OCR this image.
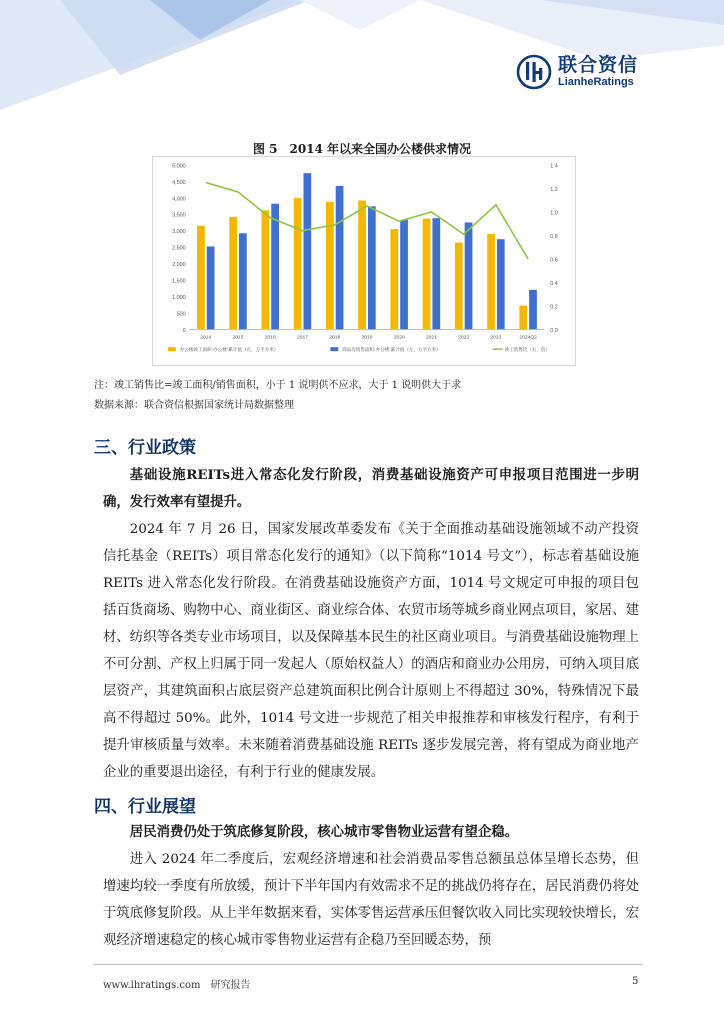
联合资信
LianheRatings
图 5　2014 年以来全国办公楼供求情况
0
500
1,000
1,500
2,000
2,500
3,000
3,500
4,000
4,500
5,000
0.0
0.2
0.4
0.6
0.8
1.0
1.2
1.4
2014	2015	2016	2017	2018	2019	2020	2021	2022	2023	2024Q2
办公楼竣工面积:办公楼:累计值（左，万平方米）	商品房销售面积:办公楼:累计值（左，万平方米）	竣工销售比（右，倍）
注：竣工销售比=竣工面积/销售面积，小于 1 说明供不应求，大于 1 说明供大于求
数据来源：联合资信根据国家统计局数据整理
三、行业政策
基础设施REITs进入常态化发行阶段，消费基础设施资产可申报项目范围进一步明确，发行效率有望提升。
2024 年 7 月 26 日，国家发展改革委发布《关于全面推动基础设施领域不动产投资信托基金（REITs）项目常态化发行的通知》（以下简称“1014 号文”），标志着基础设施 REITs 进入常态化发行阶段。在消费基础设施资产方面，1014 号文规定可申报的项目包括百货商场、购物中心、商业街区、商业综合体、农贸市场等城乡商业网点项目，家居、建材、纺织等各类专业市场项目，以及保障基本民生的社区商业项目。与消费基础设施物理上不可分割、产权上归属于同一发起人（原始权益人）的酒店和商业办公用房，可纳入项目底层资产，其建筑面积占底层资产总建筑面积比例合计原则上不得超过 30%，特殊情况下最高不得超过 50%。此外，1014 号文进一步规范了相关申报推荐和审核发行程序，有利于提升审核质量与效率。未来随着消费基础设施 REITs 逐步发展完善，将有望成为商业地产企业的重要退出途径，有利于行业的健康发展。
四、行业展望
居民消费仍处于筑底修复阶段，核心城市零售物业运营有望企稳。
进入 2024 年二季度后，宏观经济增速和社会消费品零售总额虽总体呈增长态势，但增速均较一季度有所放缓，预计下半年国内有效需求不足的挑战仍将存在，居民消费仍将处于筑底修复阶段。从上半年数据来看，实体零售运营承压但餐饮收入同比实现较快增长，宏观经济增速稳定的核心城市零售物业运营有企稳乃至回暖态势，预
www.lhratings.com　研究报告	5
